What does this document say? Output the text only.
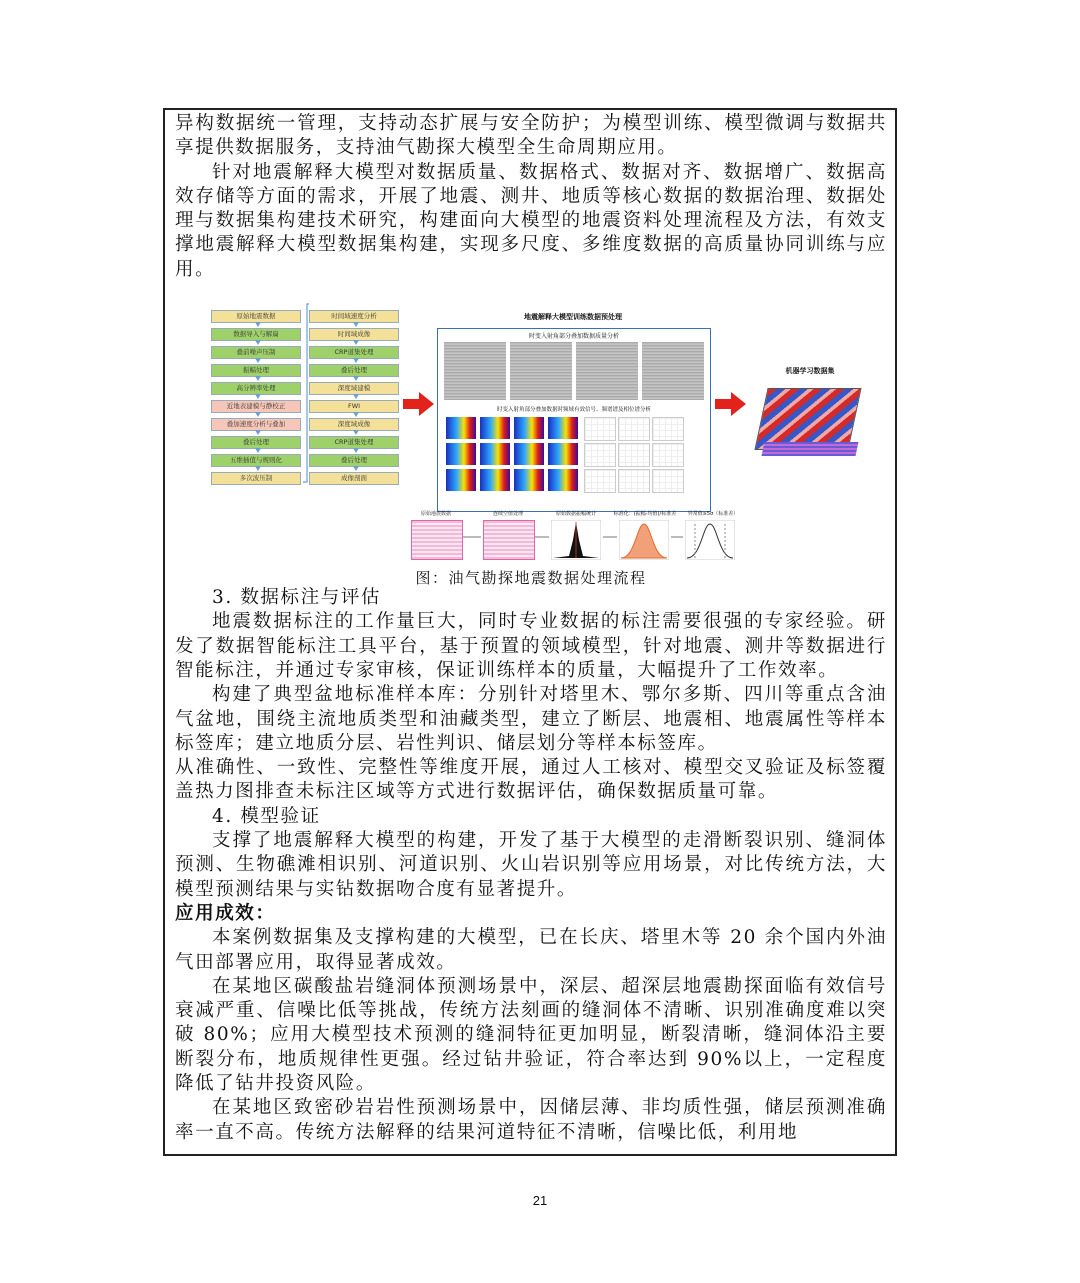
异构数据统一管理，支持动态扩展与安全防护；为模型训练、模型微调与数据共享提供数据服务，支持油气勘探大模型全生命周期应用。

针对地震解释大模型对数据质量、数据格式、数据对齐、数据增广、数据高效存储等方面的需求，开展了地震、测井、地质等核心数据的数据治理、数据处理与数据集构建技术研究，构建面向大模型的地震资料处理流程及方法，有效支撑地震解释大模型数据集构建，实现多尺度、多维度数据的高质量协同训练与应用。

原始地震数据
数据导入与解扁
叠前噪声压制
振幅处理
高分辨率处理
近地表建模与静校正
叠加速度分析与叠加
叠后处理
五维插值与规则化
多次波压制
时间域速度分析
时间域成像
CRP道集处理
叠后处理
深度域建模
FWI
深度域成像
CRP道集处理
叠后处理
成像剖面
地震解释大模型训练数据预处理
时变入射角部分叠加数据质量分析
时变入射角部分叠加数据时频域有效信号、频谱谱及相位谱分析
机器学习数据集
原始地震数据	连续空值处理	原始数据振幅统计	标准化：(振幅-均值)/标准差	异常值≥5σ（标准差）
图：油气勘探地震数据处理流程

3. 数据标注与评估

地震数据标注的工作量巨大，同时专业数据的标注需要很强的专家经验。研发了数据智能标注工具平台，基于预置的领域模型，针对地震、测井等数据进行智能标注，并通过专家审核，保证训练样本的质量，大幅提升了工作效率。

构建了典型盆地标准样本库：分别针对塔里木、鄂尔多斯、四川等重点含油气盆地，围绕主流地质类型和油藏类型，建立了断层、地震相、地震属性等样本标签库；建立地质分层、岩性判识、储层划分等样本标签库。

从准确性、一致性、完整性等维度开展，通过人工核对、模型交叉验证及标签覆盖热力图排查未标注区域等方式进行数据评估，确保数据质量可靠。

4. 模型验证

支撑了地震解释大模型的构建，开发了基于大模型的走滑断裂识别、缝洞体预测、生物礁滩相识别、河道识别、火山岩识别等应用场景，对比传统方法，大模型预测结果与实钻数据吻合度有显著提升。

应用成效：

本案例数据集及支撑构建的大模型，已在长庆、塔里木等 20 余个国内外油气田部署应用，取得显著成效。

在某地区碳酸盐岩缝洞体预测场景中，深层、超深层地震勘探面临有效信号衰减严重、信噪比低等挑战，传统方法刻画的缝洞体不清晰、识别准确度难以突破 80%；应用大模型技术预测的缝洞特征更加明显，断裂清晰，缝洞体沿主要断裂分布，地质规律性更强。经过钻井验证，符合率达到 90%以上，一定程度降低了钻井投资风险。

在某地区致密砂岩岩性预测场景中，因储层薄、非均质性强，储层预测准确率一直不高。传统方法解释的结果河道特征不清晰，信噪比低，利用地

21
